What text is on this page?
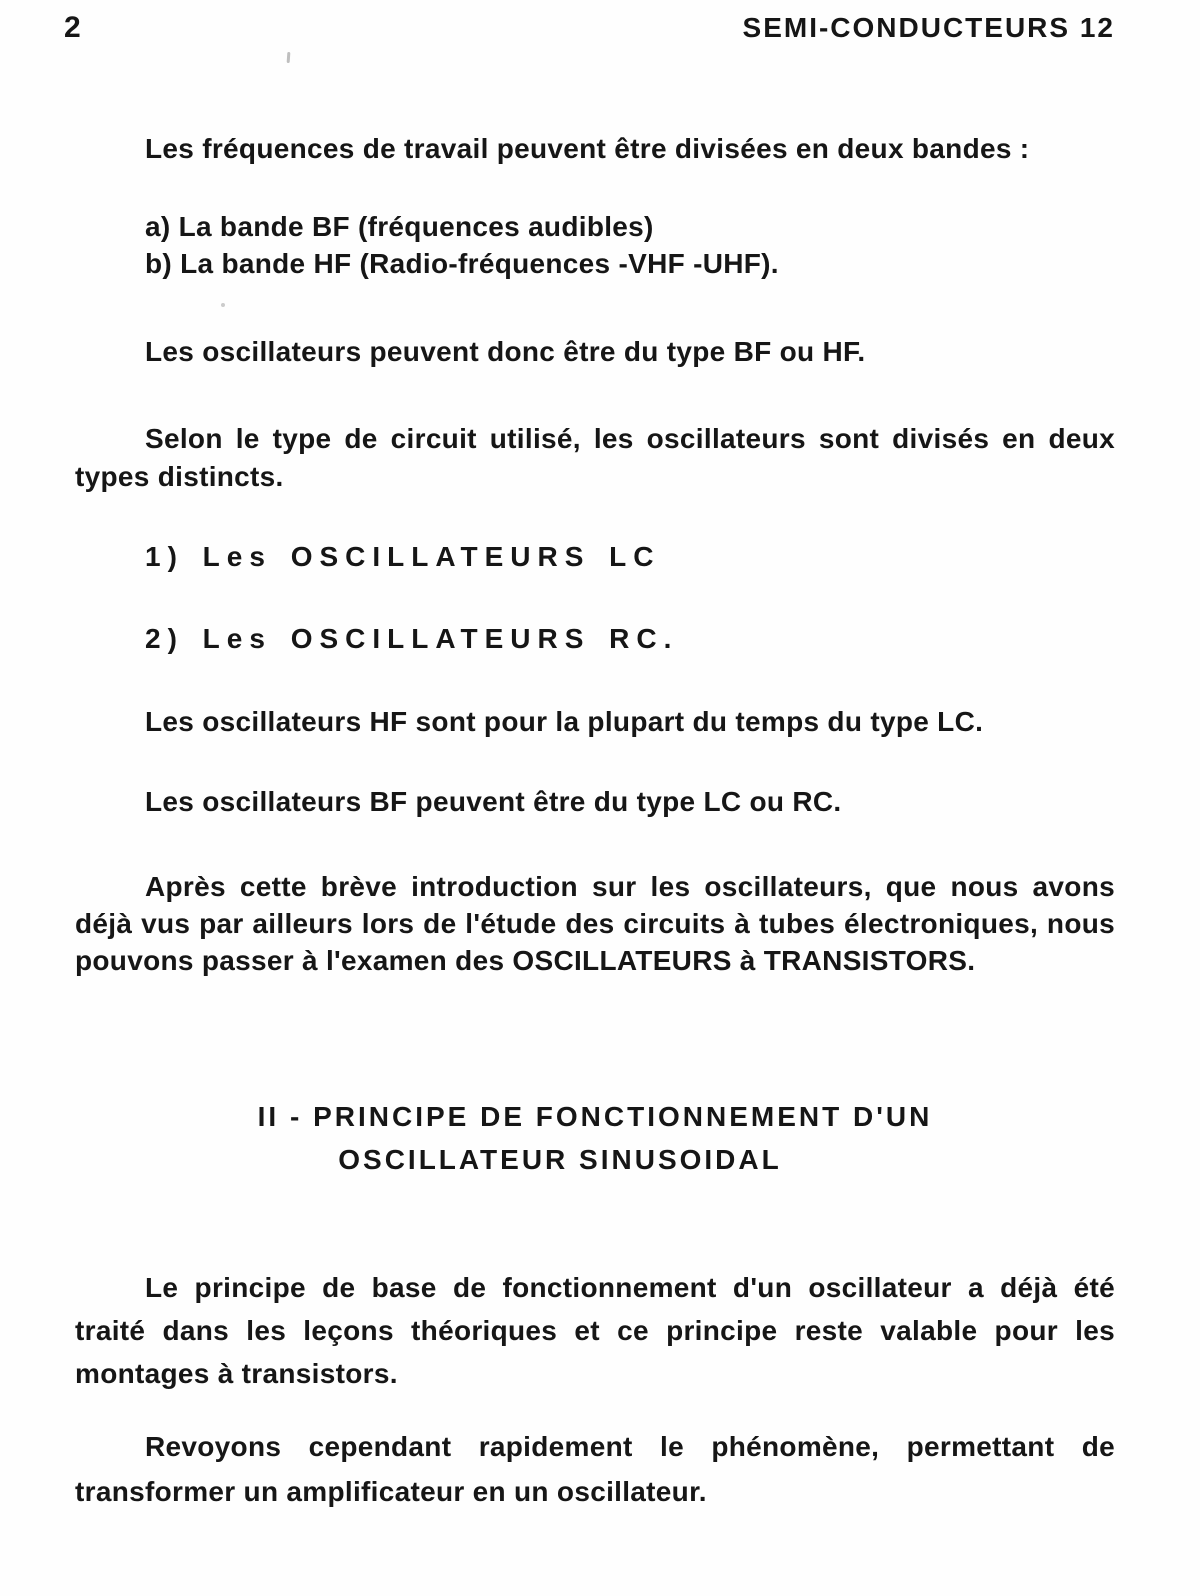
2	SEMI-CONDUCTEURS 12
Les fréquences de travail peuvent être divisées en deux bandes :
a) La bande BF (fréquences audibles)
b) La bande HF (Radio-fréquences -VHF -UHF).
Les oscillateurs peuvent donc être du type BF ou HF.
Selon le type de circuit utilisé, les oscillateurs sont divisés en deux
types distincts.
1) Les OSCILLATEURS LC
2) Les OSCILLATEURS RC.
Les oscillateurs HF sont pour la plupart du temps du type LC.
Les oscillateurs BF peuvent être du type LC ou RC.
Après cette brève introduction sur les oscillateurs, que nous avons
déjà vus par ailleurs lors de l'étude des circuits à tubes électroniques, nous
pouvons passer à l'examen des OSCILLATEURS à TRANSISTORS.
II - PRINCIPE DE FONCTIONNEMENT D'UN
OSCILLATEUR SINUSOIDAL
Le principe de base de fonctionnement d'un oscillateur a déjà été
traité dans les leçons théoriques et ce principe reste valable pour les
montages à transistors.
Revoyons cependant rapidement le phénomène, permettant de
transformer un amplificateur en un oscillateur.
